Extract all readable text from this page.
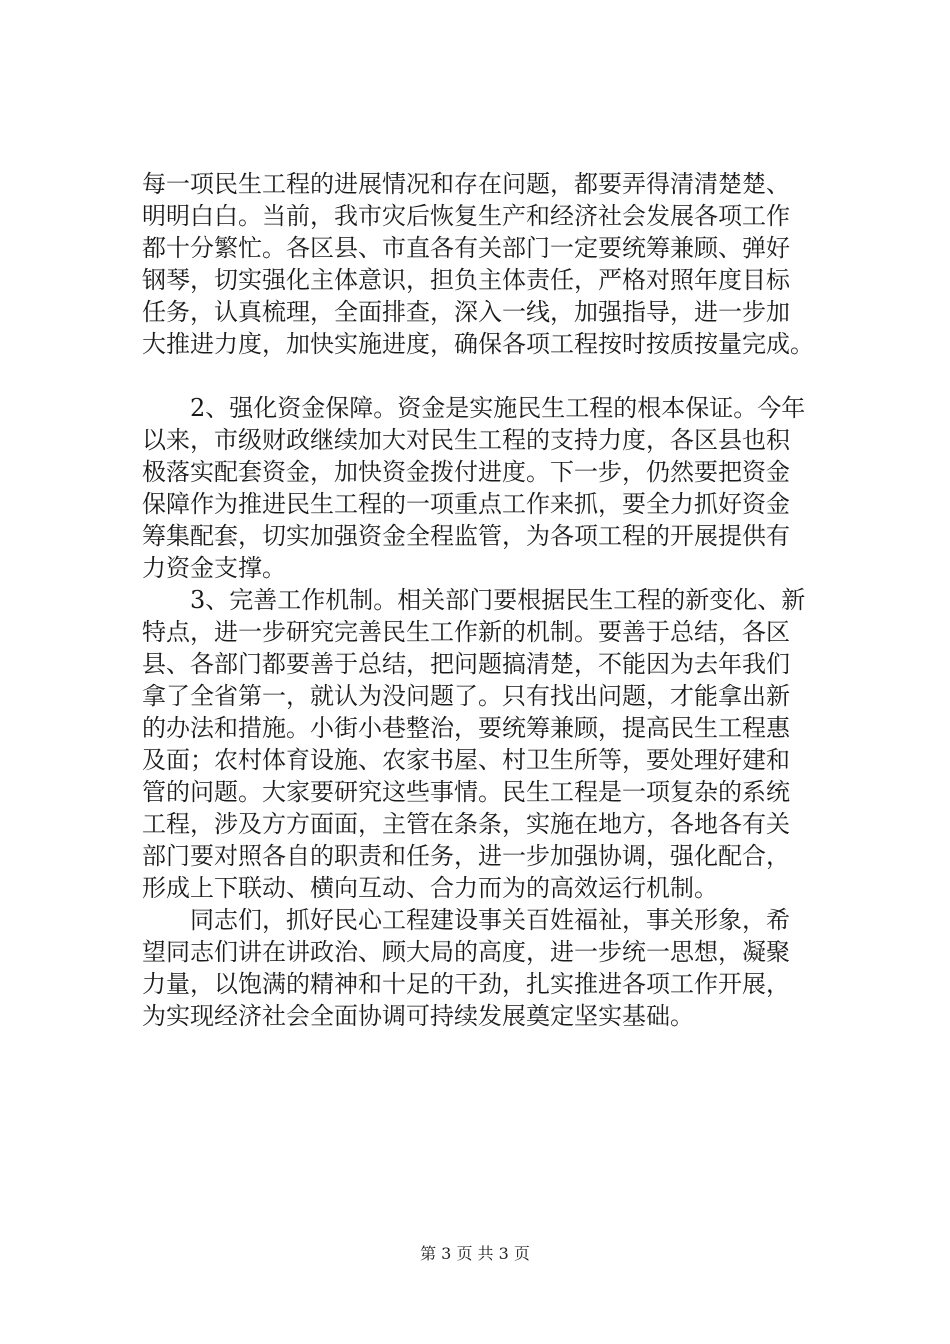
每一项民生工程的进展情况和存在问题，都要弄得清清楚楚、
明明白白。当前，我市灾后恢复生产和经济社会发展各项工作
都十分繁忙。各区县、市直各有关部门一定要统筹兼顾、弹好
钢琴，切实强化主体意识，担负主体责任，严格对照年度目标
任务，认真梳理，全面排查，深入一线，加强指导，进一步加
大推进力度，加快实施进度，确保各项工程按时按质按量完成。
　　2、强化资金保障。资金是实施民生工程的根本保证。今年
以来，市级财政继续加大对民生工程的支持力度，各区县也积
极落实配套资金，加快资金拨付进度。下一步，仍然要把资金
保障作为推进民生工程的一项重点工作来抓，要全力抓好资金
筹集配套，切实加强资金全程监管，为各项工程的开展提供有
力资金支撑。
　　3、完善工作机制。相关部门要根据民生工程的新变化、新
特点，进一步研究完善民生工作新的机制。要善于总结，各区
县、各部门都要善于总结，把问题搞清楚，不能因为去年我们
拿了全省第一，就认为没问题了。只有找出问题，才能拿出新
的办法和措施。小街小巷整治，要统筹兼顾，提高民生工程惠
及面；农村体育设施、农家书屋、村卫生所等，要处理好建和
管的问题。大家要研究这些事情。民生工程是一项复杂的系统
工程，涉及方方面面，主管在条条，实施在地方，各地各有关
部门要对照各自的职责和任务，进一步加强协调，强化配合，
形成上下联动、横向互动、合力而为的高效运行机制。
　　同志们，抓好民心工程建设事关百姓福祉，事关形象，希
望同志们讲在讲政治、顾大局的高度，进一步统一思想，凝聚
力量，以饱满的精神和十足的干劲，扎实推进各项工作开展，
为实现经济社会全面协调可持续发展奠定坚实基础。
第 3 页 共 3 页
